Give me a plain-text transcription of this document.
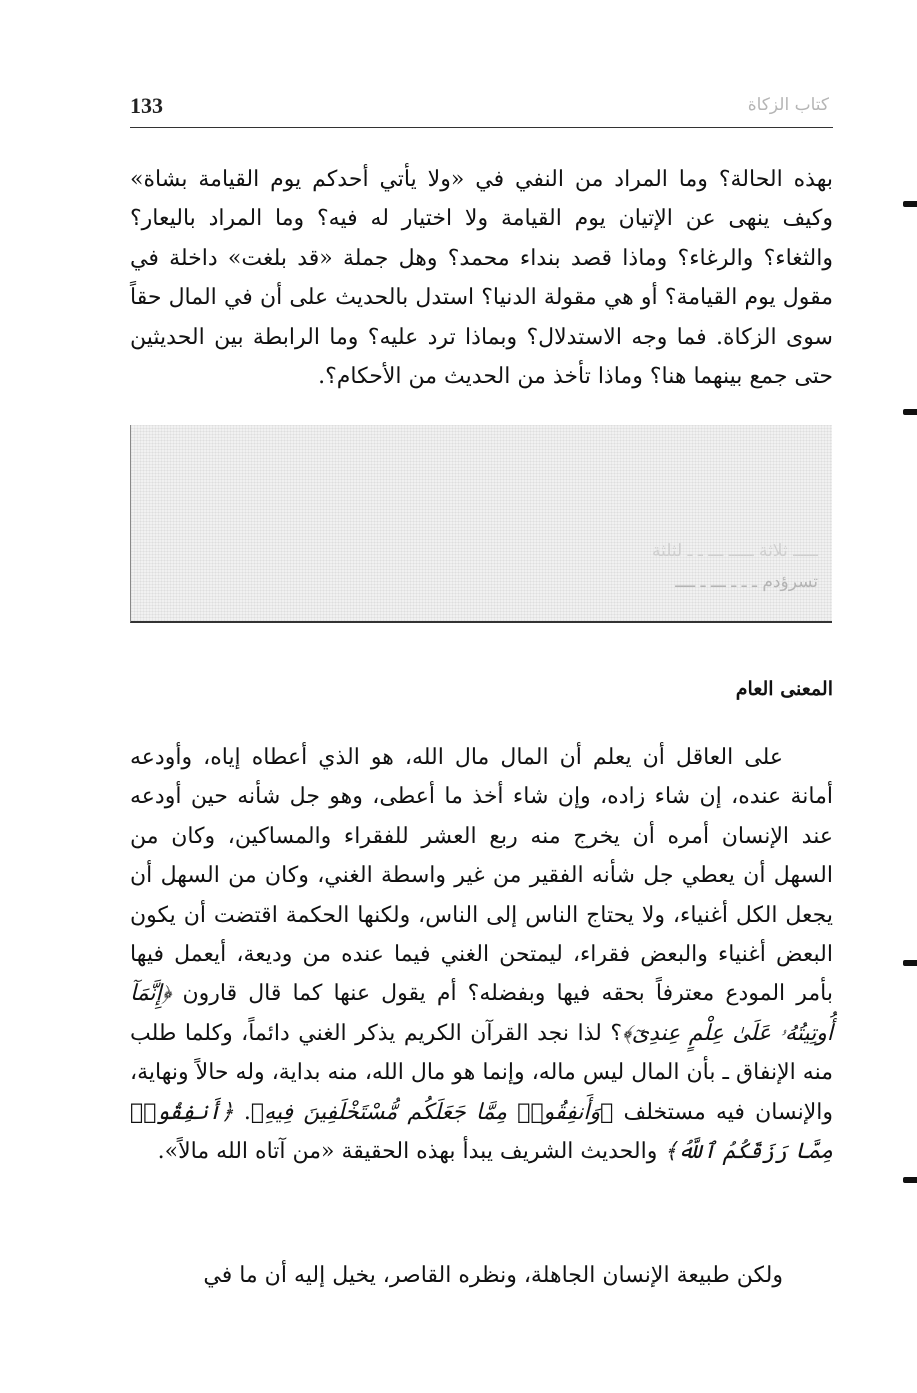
133	كتاب الزكاة

بهذه الحالة؟ وما المراد من النفي في «ولا يأتي أحدكم يوم القيامة بشاة» وكيف ينهى عن الإتيان يوم القيامة ولا اختيار له فيه؟ وما المراد باليعار؟ والثغاء؟ والرغاء؟ وماذا قصد بنداء محمد؟ وهل جملة «قد بلغت» داخلة في مقول يوم القيامة؟ أو هي مقولة الدنيا؟ استدل بالحديث على أن في المال حقاً سوى الزكاة. فما وجه الاستدلال؟ وبماذا ترد عليه؟ وما الرابطة بين الحديثين حتى جمع بينهما هنا؟ وماذا تأخذ من الحديث من الأحكام؟.

ـــــ ثلاثة ـــــ ـــ ـ ـ لثلثة
تسرؤدم ـ ـ ـ ـــ ـ ــــ
المعنى العام

على العاقل أن يعلم أن المال مال الله، هو الذي أعطاه إياه، وأودعه أمانة عنده، إن شاء زاده، وإن شاء أخذ ما أعطى، وهو جل شأنه حين أودعه عند الإنسان أمره أن يخرج منه ربع العشر للفقراء والمساكين، وكان من السهل أن يعطي جل شأنه الفقير من غير واسطة الغني، وكان من السهل أن يجعل الكل أغنياء، ولا يحتاج الناس إلى الناس، ولكنها الحكمة اقتضت أن يكون البعض أغنياء والبعض فقراء، ليمتحن الغني فيما عنده من وديعة، أيعمل فيها بأمر المودع معترفاً بحقه فيها وبفضله؟ أم يقول عنها كما قال قارون ﴿إِنَّمَآ أُوتِيتُهُۥ عَلَىٰ عِلْمٍ عِندِىٓ﴾؟ لذا نجد القرآن الكريم يذكر الغني دائماً، وكلما طلب منه الإنفاق ـ بأن المال ليس ماله، وإنما هو مال الله، منه بداية، وله حالاً ونهاية، والإنسان فيه مستخلف ﴿وَأَنفِقُوا۟ مِمَّا جَعَلَكُم مُّسْتَخْلَفِينَ فِيهِ﴾. ﴿أَنفِقُوا۟ مِمَّا رَزَقَكُمُ ٱللَّهُ﴾ والحديث الشريف يبدأ بهذه الحقيقة «من آتاه الله مالاً».

ولكن طبيعة الإنسان الجاهلة، ونظره القاصر، يخيل إليه أن ما في
